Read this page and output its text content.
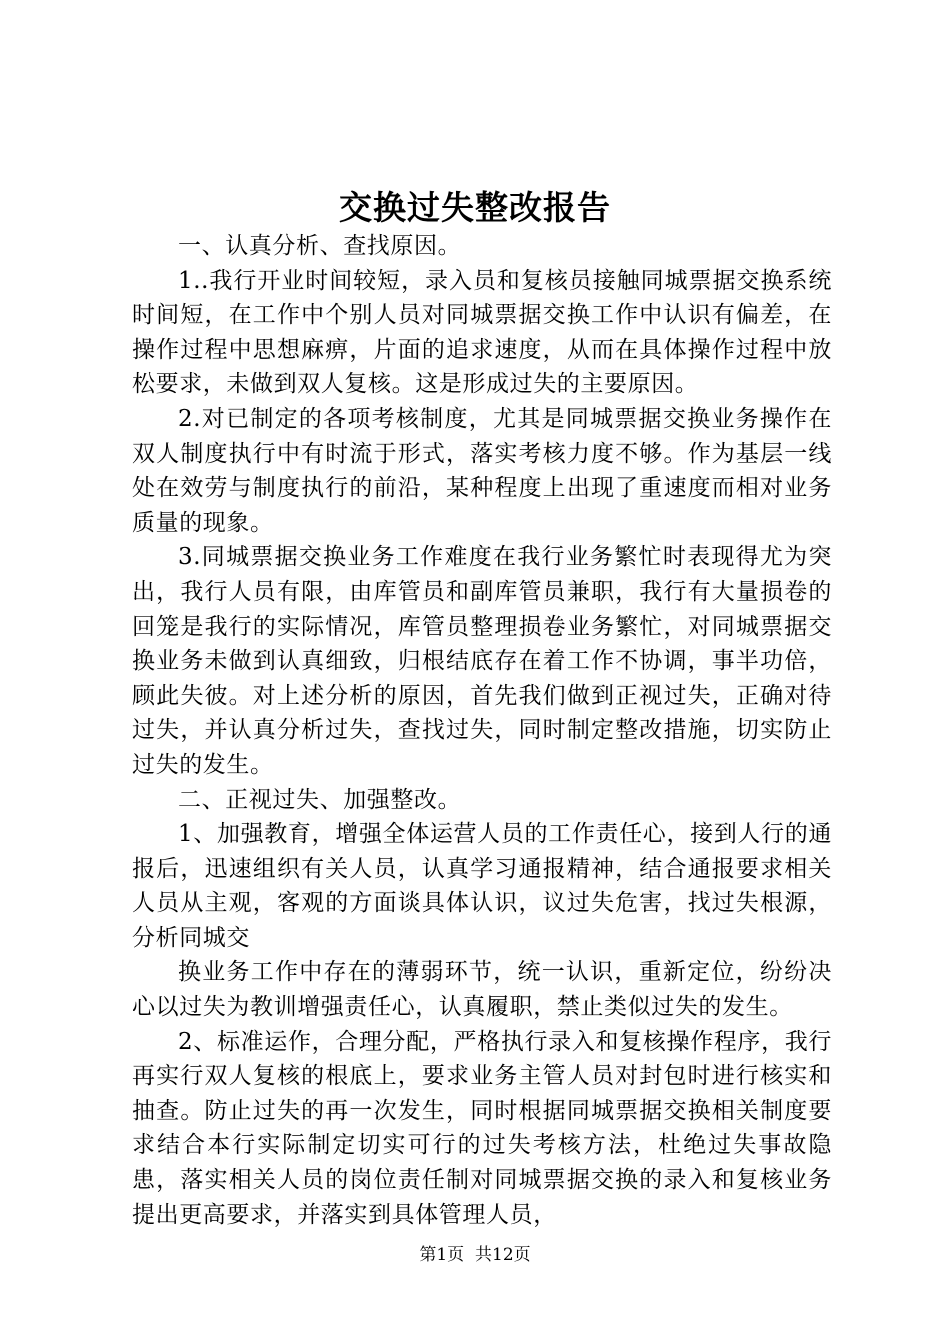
交换过失整改报告

一、认真分析、查找原因。

1..我行开业时间较短，录入员和复核员接触同城票据交换系统时间短，在工作中个别人员对同城票据交换工作中认识有偏差，在操作过程中思想麻痹，片面的追求速度，从而在具体操作过程中放松要求，未做到双人复核。这是形成过失的主要原因。

2.对已制定的各项考核制度，尤其是同城票据交换业务操作在双人制度执行中有时流于形式，落实考核力度不够。作为基层一线处在效劳与制度执行的前沿，某种程度上出现了重速度而相对业务质量的现象。

3.同城票据交换业务工作难度在我行业务繁忙时表现得尤为突出，我行人员有限，由库管员和副库管员兼职，我行有大量损卷的回笼是我行的实际情况，库管员整理损卷业务繁忙，对同城票据交换业务未做到认真细致，归根结底存在着工作不协调，事半功倍，顾此失彼。对上述分析的原因，首先我们做到正视过失，正确对待过失，并认真分析过失，查找过失，同时制定整改措施，切实防止过失的发生。

二、正视过失、加强整改。

1、加强教育，增强全体运营人员的工作责任心，接到人行的通报后，迅速组织有关人员，认真学习通报精神，结合通报要求相关人员从主观，客观的方面谈具体认识，议过失危害，找过失根源，分析同城交

换业务工作中存在的薄弱环节，统一认识，重新定位，纷纷决心以过失为教训增强责任心，认真履职，禁止类似过失的发生。

2、标准运作，合理分配，严格执行录入和复核操作程序，我行再实行双人复核的根底上，要求业务主管人员对封包时进行核实和抽查。防止过失的再一次发生，同时根据同城票据交换相关制度要求结合本行实际制定切实可行的过失考核方法，杜绝过失事故隐患，落实相关人员的岗位责任制对同城票据交换的录入和复核业务提出更高要求，并落实到具体管理人员，

第1页 共12页
